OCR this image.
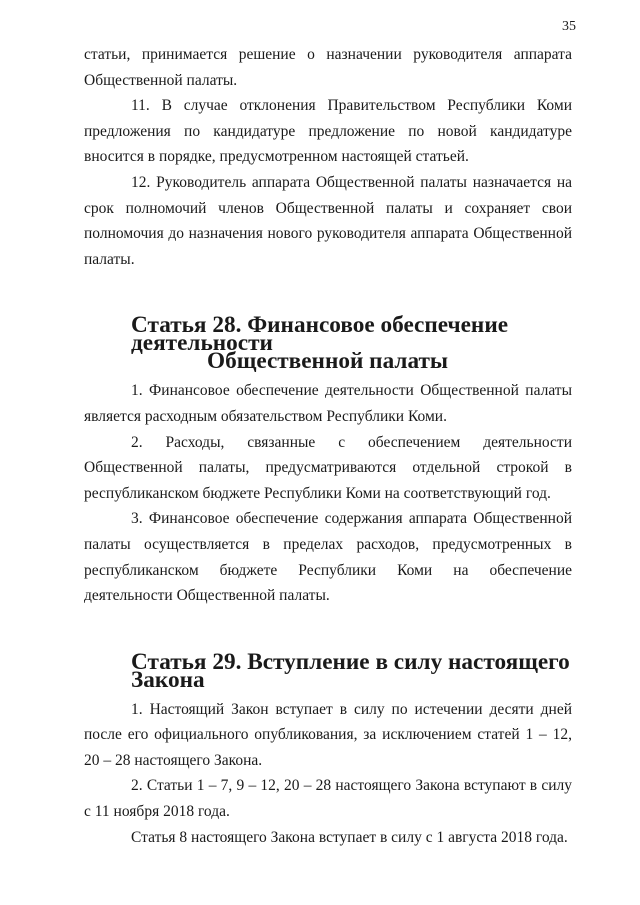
35

статьи, принимается решение о назначении руководителя аппарата Общественной палаты.

11. В случае отклонения Правительством Республики Коми предложения по кандидатуре предложение по новой кандидатуре вносится в порядке, предусмотренном настоящей статьей.

12. Руководитель аппарата Общественной палаты назначается на срок полномочий членов Общественной палаты и сохраняет свои полномочия до назначения нового руководителя аппарата Общественной палаты.

Статья 28. Финансовое обеспечение деятельности
Общественной палаты

1. Финансовое обеспечение деятельности Общественной палаты является расходным обязательством Республики Коми.

2. Расходы, связанные с обеспечением деятельности Общественной палаты, предусматриваются отдельной строкой в республиканском бюджете Республики Коми на соответствующий год.

3. Финансовое обеспечение содержания аппарата Общественной палаты осуществляется в пределах расходов, предусмотренных в республиканском бюджете Республики Коми на обеспечение деятельности Общественной палаты.

Статья 29. Вступление в силу настоящего Закона

1. Настоящий Закон вступает в силу по истечении десяти дней после его официального опубликования, за исключением статей 1 – 12, 20 – 28 настоящего Закона.

2. Статьи 1 – 7, 9 – 12, 20 – 28 настоящего Закона вступают в силу с 11 ноября 2018 года.

Статья 8 настоящего Закона вступает в силу с 1 августа 2018 года.
